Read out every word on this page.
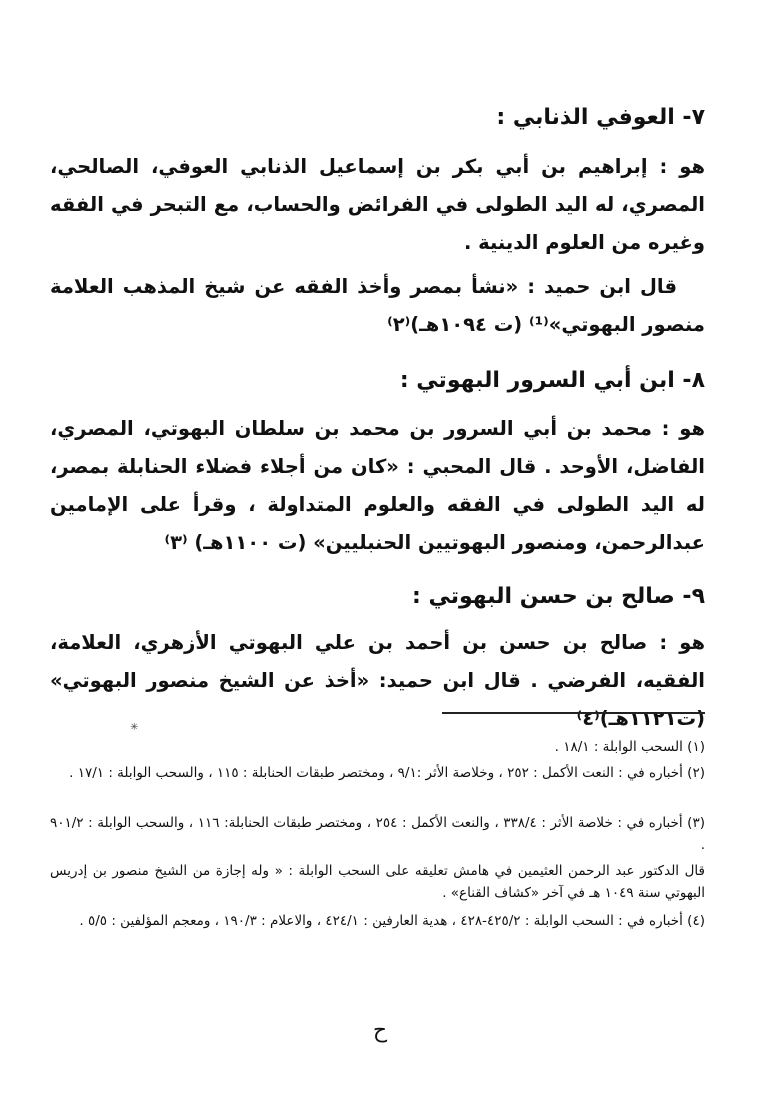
٧- العوفي الذنابي :
هو : إبراهيم بن أبي بكر بن إسماعيل الذنابي العوفي، الصالحي، المصري، له اليد الطولى في الفرائض والحساب، مع التبحر في الفقه وغيره من العلوم الدينية .
قال ابن حميد : «نشأ بمصر وأخذ الفقه عن شيخ المذهب العلامة منصور البهوتي»⁽¹⁾ (ت ١٠٩٤هـ)⁽٢⁾
٨- ابن أبي السرور البهوتي :
هو : محمد بن أبي السرور بن محمد بن سلطان البهوتي، المصري، الفاضل، الأوحد . قال المحبي : «كان من أجلاء فضلاء الحنابلة بمصر، له اليد الطولى في الفقه والعلوم المتداولة ، وقرأ على الإمامين عبدالرحمن، ومنصور البهوتيين الحنبليين» (ت ١١٠٠هـ) ⁽٣⁾
٩- صالح بن حسن البهوتي :
هو : صالح بن حسن بن أحمد بن علي البهوتي الأزهري، العلامة، الفقيه، الفرضي . قال ابن حميد: «أخذ عن الشيخ منصور البهوتي» (ت١١٢١هـ)⁽٤⁾
✳
(١) السحب الوابلة : ١٨/١ .
(٢) أخباره في : النعت الأكمل : ٢٥٢ ، وخلاصة الأثر :٩/١ ، ومختصر طبقات الحنابلة : ١١٥ ، والسحب الوابلة : ١٧/١ .
(٣) أخباره في : خلاصة الأثر : ٣٣٨/٤ ، والنعت الأكمل : ٢٥٤ ، ومختصر طبقات الحنابلة: ١١٦ ، والسحب الوابلة : ٩٠١/٢ .
قال الدكتور عبد الرحمن العثيمين في هامش تعليقه على السحب الوابلة : « وله إجازة من الشيخ منصور بن إدريس البهوتي سنة ١٠٤٩ هـ في آخر «كشاف القناع» .
(٤) أخباره في : السحب الوابلة : ٤٢٥/٢-٤٢٨ ، هدية العارفين : ٤٢٤/١ ، والاعلام : ١٩٠/٣ ، ومعجم المؤلفين : ٥/٥ .
ح
